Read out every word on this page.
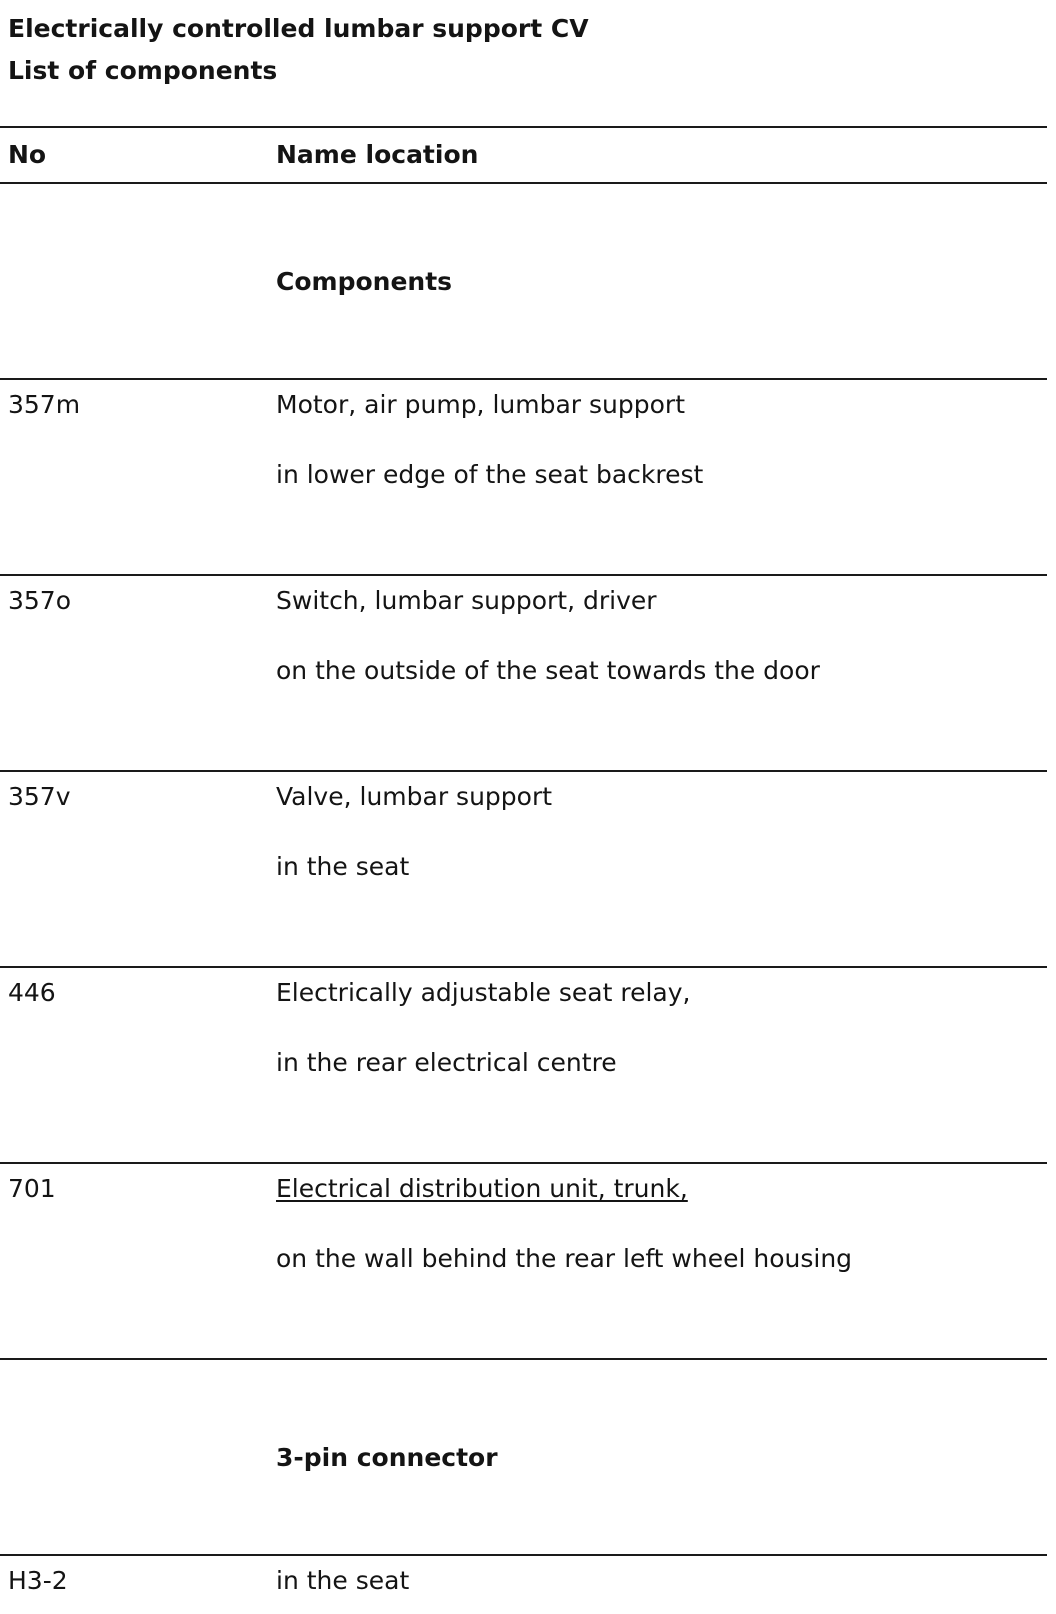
Electrically controlled lumbar support CV
List of components
No	Name location
Components
357m	Motor, air pump, lumbar support
in lower edge of the seat backrest
357o	Switch, lumbar support, driver
on the outside of the seat towards the door
357v	Valve, lumbar support
in the seat
446	Electrically adjustable seat relay,
in the rear electrical centre
701	Electrical distribution unit, trunk,
on the wall behind the rear left wheel housing
3-pin connector
H3-2	in the seat
